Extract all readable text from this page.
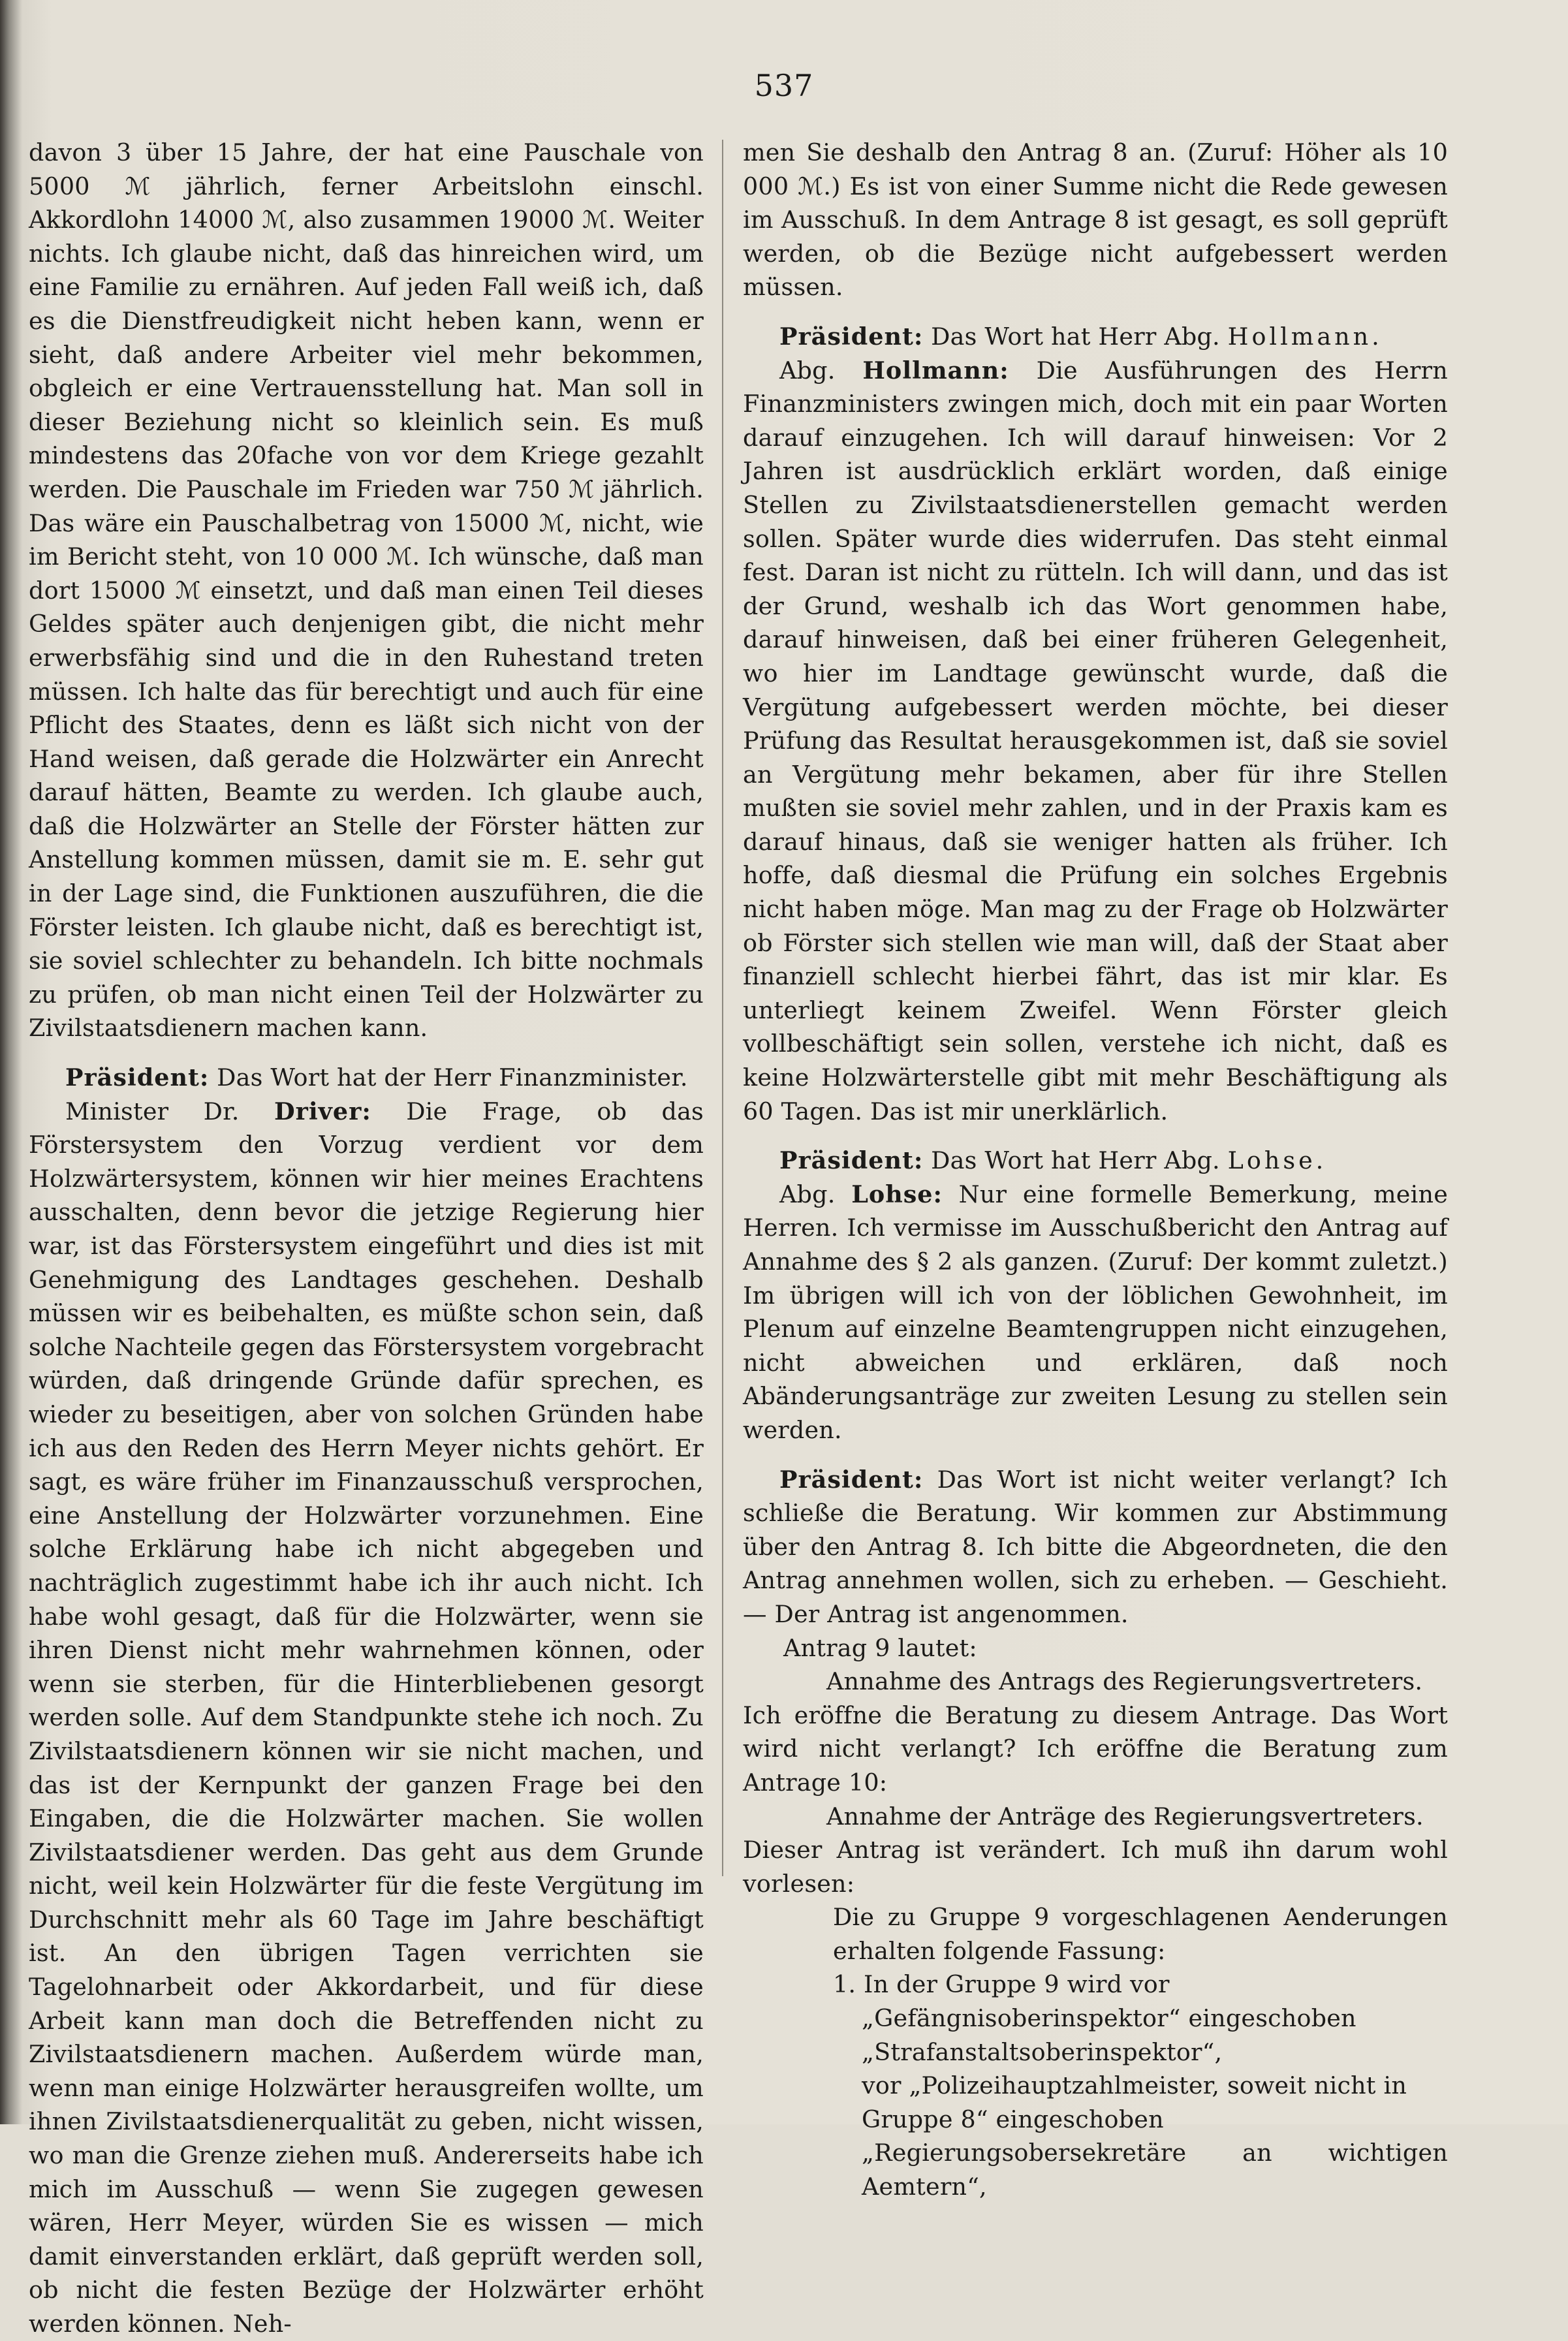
537

davon 3 über 15 Jahre, der hat eine Pauschale von 5000 ℳ jährlich, ferner Arbeitslohn einschl. Akkordlohn 14000 ℳ, also zusammen 19000 ℳ. Weiter nichts. Ich glaube nicht, daß das hinreichen wird, um eine Familie zu ernähren. Auf jeden Fall weiß ich, daß es die Dienstfreudigkeit nicht heben kann, wenn er sieht, daß andere Arbeiter viel mehr bekommen, obgleich er eine Vertrauensstellung hat. Man soll in dieser Beziehung nicht so kleinlich sein. Es muß mindestens das 20fache von vor dem Kriege gezahlt werden. Die Pauschale im Frieden war 750 ℳ jährlich. Das wäre ein Pauschalbetrag von 15000 ℳ, nicht, wie im Bericht steht, von 10 000 ℳ. Ich wünsche, daß man dort 15000 ℳ einsetzt, und daß man einen Teil dieses Geldes später auch denjenigen gibt, die nicht mehr erwerbsfähig sind und die in den Ruhestand treten müssen. Ich halte das für berechtigt und auch für eine Pflicht des Staates, denn es läßt sich nicht von der Hand weisen, daß gerade die Holzwärter ein Anrecht darauf hätten, Beamte zu werden. Ich glaube auch, daß die Holzwärter an Stelle der Förster hätten zur Anstellung kommen müssen, damit sie m. E. sehr gut in der Lage sind, die Funktionen auszuführen, die die Förster leisten. Ich glaube nicht, daß es berechtigt ist, sie soviel schlechter zu behandeln. Ich bitte nochmals zu prüfen, ob man nicht einen Teil der Holzwärter zu Zivilstaatsdienern machen kann.

Präsident: Das Wort hat der Herr Finanzminister.

Minister Dr. Driver: Die Frage, ob das Förstersystem den Vorzug verdient vor dem Holzwärtersystem, können wir hier meines Erachtens ausschalten, denn bevor die jetzige Regierung hier war, ist das Förstersystem eingeführt und dies ist mit Genehmigung des Landtages geschehen. Deshalb müssen wir es beibehalten, es müßte schon sein, daß solche Nachteile gegen das Förstersystem vorgebracht würden, daß dringende Gründe dafür sprechen, es wieder zu beseitigen, aber von solchen Gründen habe ich aus den Reden des Herrn Meyer nichts gehört. Er sagt, es wäre früher im Finanzausschuß versprochen, eine Anstellung der Holzwärter vorzunehmen. Eine solche Erklärung habe ich nicht abgegeben und nachträglich zugestimmt habe ich ihr auch nicht. Ich habe wohl gesagt, daß für die Holzwärter, wenn sie ihren Dienst nicht mehr wahrnehmen können, oder wenn sie sterben, für die Hinterbliebenen gesorgt werden solle. Auf dem Standpunkte stehe ich noch. Zu Zivilstaatsdienern können wir sie nicht machen, und das ist der Kernpunkt der ganzen Frage bei den Eingaben, die die Holzwärter machen. Sie wollen Zivilstaatsdiener werden. Das geht aus dem Grunde nicht, weil kein Holzwärter für die feste Vergütung im Durchschnitt mehr als 60 Tage im Jahre beschäftigt ist. An den übrigen Tagen verrichten sie Tagelohnarbeit oder Akkordarbeit, und für diese Arbeit kann man doch die Betreffenden nicht zu Zivilstaatsdienern machen. Außerdem würde man, wenn man einige Holzwärter herausgreifen wollte, um ihnen Zivilstaatsdienerqualität zu geben, nicht wissen, wo man die Grenze ziehen muß. Andererseits habe ich mich im Ausschuß — wenn Sie zugegen gewesen wären, Herr Meyer, würden Sie es wissen — mich damit einverstanden erklärt, daß geprüft werden soll, ob nicht die festen Bezüge der Holzwärter erhöht werden können. Neh-

men Sie deshalb den Antrag 8 an. (Zuruf: Höher als 10 000 ℳ.) Es ist von einer Summe nicht die Rede gewesen im Ausschuß. In dem Antrage 8 ist gesagt, es soll geprüft werden, ob die Bezüge nicht aufgebessert werden müssen.

Präsident: Das Wort hat Herr Abg. Hollmann.

Abg. Hollmann: Die Ausführungen des Herrn Finanzministers zwingen mich, doch mit ein paar Worten darauf einzugehen. Ich will darauf hinweisen: Vor 2 Jahren ist ausdrücklich erklärt worden, daß einige Stellen zu Zivilstaatsdienerstellen gemacht werden sollen. Später wurde dies widerrufen. Das steht einmal fest. Daran ist nicht zu rütteln. Ich will dann, und das ist der Grund, weshalb ich das Wort genommen habe, darauf hinweisen, daß bei einer früheren Gelegenheit, wo hier im Landtage gewünscht wurde, daß die Vergütung aufgebessert werden möchte, bei dieser Prüfung das Resultat herausgekommen ist, daß sie soviel an Vergütung mehr bekamen, aber für ihre Stellen mußten sie soviel mehr zahlen, und in der Praxis kam es darauf hinaus, daß sie weniger hatten als früher. Ich hoffe, daß diesmal die Prüfung ein solches Ergebnis nicht haben möge. Man mag zu der Frage ob Holzwärter ob Förster sich stellen wie man will, daß der Staat aber finanziell schlecht hierbei fährt, das ist mir klar. Es unterliegt keinem Zweifel. Wenn Förster gleich vollbeschäftigt sein sollen, verstehe ich nicht, daß es keine Holzwärterstelle gibt mit mehr Beschäftigung als 60 Tagen. Das ist mir unerklärlich.

Präsident: Das Wort hat Herr Abg. Lohse.

Abg. Lohse: Nur eine formelle Bemerkung, meine Herren. Ich vermisse im Ausschußbericht den Antrag auf Annahme des § 2 als ganzen. (Zuruf: Der kommt zuletzt.) Im übrigen will ich von der löblichen Gewohnheit, im Plenum auf einzelne Beamtengruppen nicht einzugehen, nicht abweichen und erklären, daß noch Abänderungsanträge zur zweiten Lesung zu stellen sein werden.

Präsident: Das Wort ist nicht weiter verlangt? Ich schließe die Beratung. Wir kommen zur Abstimmung über den Antrag 8. Ich bitte die Abgeordneten, die den Antrag annehmen wollen, sich zu erheben. — Geschieht. — Der Antrag ist angenommen.

Antrag 9 lautet:

Annahme des Antrags des Regierungsvertreters.

Ich eröffne die Beratung zu diesem Antrage. Das Wort wird nicht verlangt? Ich eröffne die Beratung zum Antrage 10:

Annahme der Anträge des Regierungsvertreters.

Dieser Antrag ist verändert. Ich muß ihn darum wohl vorlesen:

Die zu Gruppe 9 vorgeschlagenen Aenderungen erhalten folgende Fassung:

1. In der Gruppe 9 wird vor

„Gefängnisoberinspektor“ eingeschoben

„Strafanstaltsoberinspektor“,

vor „Polizeihauptzahlmeister, soweit nicht in

Gruppe 8“ eingeschoben

„Regierungsobersekretäre an wichtigen Aemtern“,
